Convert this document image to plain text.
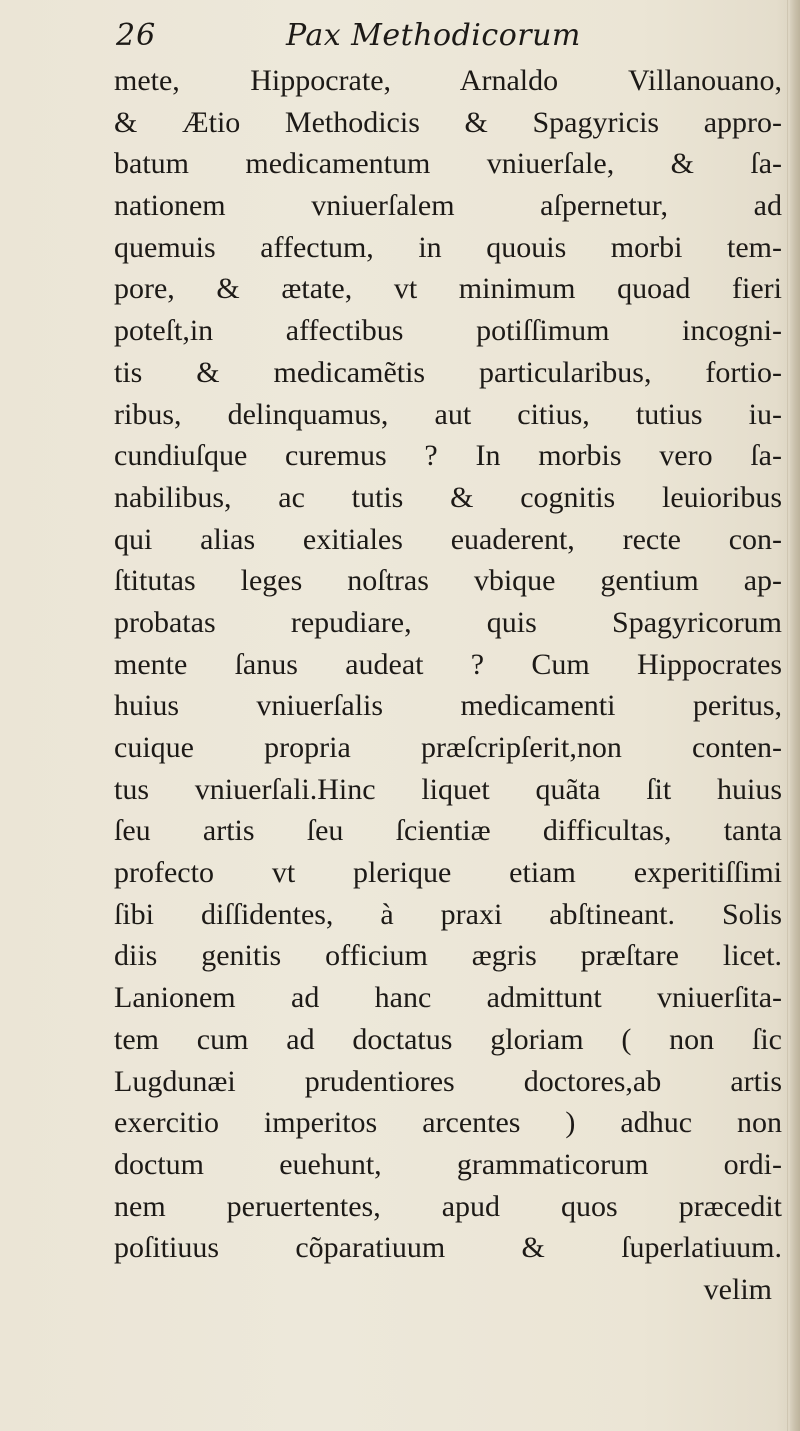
26	Pax Methodicorum
mete, Hippocrate, Arnaldo Villanouano,
& Ætio Methodicis & Spagyricis appro-
batum medicamentum vniuerſale, & ſa-
nationem vniuerſalem aſpernetur, ad
quemuis affectum, in quouis morbi tem-
pore, & ætate, vt minimum quoad fieri
poteſt,in affectibus potiſſimum incogni-
tis & medicamẽtis particularibus, fortio-
ribus, delinquamus, aut citius, tutius iu-
cundiuſque curemus ? In morbis vero ſa-
nabilibus, ac tutis & cognitis leuioribus
qui alias exitiales euaderent, recte con-
ſtitutas leges noſtras vbique gentium ap-
probatas repudiare, quis Spagyricorum
mente ſanus audeat ? Cum Hippocrates
huius vniuerſalis medicamenti peritus,
cuique propria præſcripſerit,non conten-
tus vniuerſali.Hinc liquet quãta ſit huius
ſeu artis ſeu ſcientiæ difficultas, tanta
profecto vt plerique etiam experitiſſimi
ſibi diſſidentes, à praxi abſtineant. Solis
diis genitis officium ægris præſtare licet.
Lanionem ad hanc admittunt vniuerſita-
tem cum ad doctatus gloriam ( non ſic
Lugdunæi prudentiores doctores,ab artis
exercitio imperitos arcentes ) adhuc non
doctum euehunt, grammaticorum ordi-
nem peruertentes, apud quos præcedit
poſitiuus cõparatiuum & ſuperlatiuum.
velim
